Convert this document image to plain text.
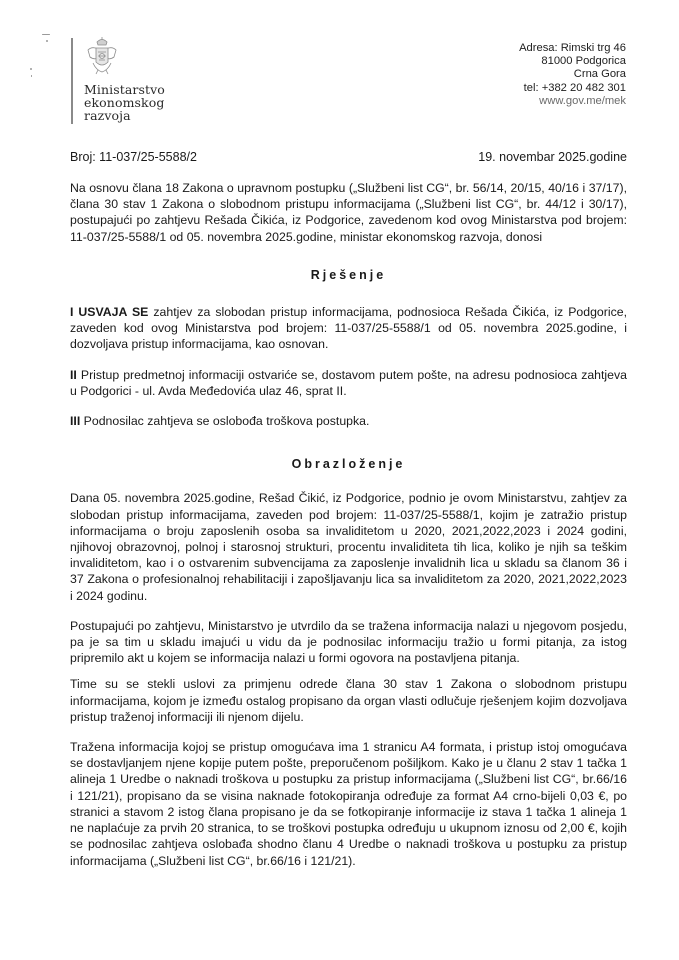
Ministarstvo
ekonomskog
razvoja
Adresa: Rimski trg 46
81000 Podgorica
Crna Gora
tel: +382 20 482 301
www.gov.me/mek
Broj: 11-037/25-5588/2	19. novembar 2025.godine

Na osnovu člana 18 Zakona o upravnom postupku („Službeni list CG“, br. 56/14, 20/15, 40/16 i 37/17), člana 30 stav 1 Zakona o slobodnom pristupu informacijama („Službeni list CG“, br. 44/12 i 30/17), postupajući po zahtjevu Rešada Čikića, iz Podgorice, zavedenom kod ovog Ministarstva pod brojem: 11-037/25-5588/1 od 05. novembra 2025.godine, ministar ekonomskog razvoja, donosi

Rješenje

I USVAJA SE zahtjev za slobodan pristup informacijama, podnosioca Rešada Čikića, iz Podgorice, zaveden kod ovog Ministarstva pod brojem: 11-037/25-5588/1 od 05. novembra 2025.godine, i dozvoljava pristup informacijama, kao osnovan.

II Pristup predmetnoj informaciji ostvariće se, dostavom putem pošte, na adresu podnosioca zahtjeva u Podgorici - ul. Avda Međedovića ulaz 46, sprat II.

III Podnosilac zahtjeva se oslobođa troškova postupka.

Obrazloženje

Dana 05. novembra 2025.godine, Rešad Čikić, iz Podgorice, podnio je ovom Ministarstvu, zahtjev za slobodan pristup informacijama, zaveden pod brojem: 11-037/25-5588/1, kojim je zatražio pristup informacijama o broju zaposlenih osoba sa invaliditetom u 2020, 2021,2022,2023 i 2024 godini, njihovoj obrazovnoj, polnoj i starosnoj strukturi, procentu invaliditeta tih lica, koliko je njih sa teškim invaliditetom, kao i o ostvarenim subvencijama za zaposlenje invalidnih lica u skladu sa članom 36 i 37 Zakona o profesionalnoj rehabilitaciji i zapošljavanju lica sa invaliditetom za 2020, 2021,2022,2023 i 2024 godinu.

Postupajući po zahtjevu, Ministarstvo je utvrdilo da se tražena informacija nalazi u njegovom posjedu, pa je sa tim u skladu imajući u vidu da je podnosilac informaciju tražio u formi pitanja, za istog pripremilo akt u kojem se informacija nalazi u formi ogovora na postavljena pitanja.

Time su se stekli uslovi za primjenu odrede člana 30 stav 1 Zakona o slobodnom pristupu informacijama, kojom je između ostalog propisano da organ vlasti odlučuje rješenjem kojim dozvoljava pristup traženoj informaciji ili njenom dijelu.

Tražena informacija kojoj se pristup omogućava ima 1 stranicu A4 formata, i pristup istoj omogućava se dostavljanjem njene kopije putem pošte, preporučenom pošiljkom. Kako je u članu 2 stav 1 tačka 1 alineja 1 Uredbe o naknadi troškova u postupku za pristup informacijama („Službeni list CG“, br.66/16 i 121/21), propisano da se visina naknade fotokopiranja određuje za format A4 crno-bijeli 0,03 €, po stranici a stavom 2 istog člana propisano je da se fotkopiranje informacije iz stava 1 tačka 1 alineja 1 ne naplaćuje za prvih 20 stranica, to se troškovi postupka određuju u ukupnom iznosu od 2,00 €, kojih se podnosilac zahtjeva oslobađa shodno članu 4 Uredbe o naknadi troškova u postupku za pristup informacijama („Službeni list CG“, br.66/16 i 121/21).
